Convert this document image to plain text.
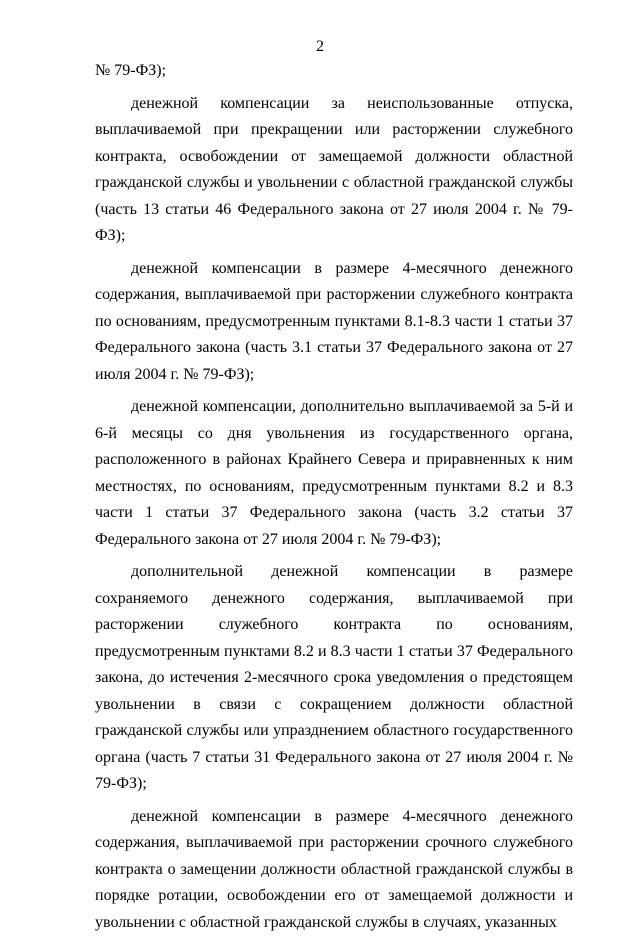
2

№ 79-ФЗ);

денежной компенсации за неиспользованные отпуска, выплачиваемой при прекращении или расторжении служебного контракта, освобождении от замещаемой должности областной гражданской службы и увольнении с областной гражданской службы (часть 13 статьи 46 Федерального закона от 27 июля 2004 г. № 79-ФЗ);

денежной компенсации в размере 4-месячного денежного содержания, выплачиваемой при расторжении служебного контракта по основаниям, предусмотренным пунктами 8.1-8.3 части 1 статьи 37 Федерального закона (часть 3.1 статьи 37 Федерального закона от 27 июля 2004 г. № 79-ФЗ);

денежной компенсации, дополнительно выплачиваемой за 5-й и 6-й месяцы со дня увольнения из государственного органа, расположенного в районах Крайнего Севера и приравненных к ним местностях, по основаниям, предусмотренным пунктами 8.2 и 8.3 части 1 статьи 37 Федерального закона (часть 3.2 статьи 37 Федерального закона от 27 июля 2004 г. № 79-ФЗ);

дополнительной денежной компенсации в размере сохраняемого денежного содержания, выплачиваемой при расторжении служебного контракта по основаниям, предусмотренным пунктами 8.2 и 8.3 части 1 статьи 37 Федерального закона, до истечения 2-месячного срока уведомления о предстоящем увольнении в связи с сокращением должности областной гражданской службы или упразднением областного государственного органа (часть 7 статьи 31 Федерального закона от 27 июля 2004 г. № 79-ФЗ);

денежной компенсации в размере 4-месячного денежного содержания, выплачиваемой при расторжении срочного служебного контракта о замещении должности областной гражданской службы в порядке ротации, освобождении его от замещаемой должности и увольнении с областной гражданской службы в случаях, указанных
